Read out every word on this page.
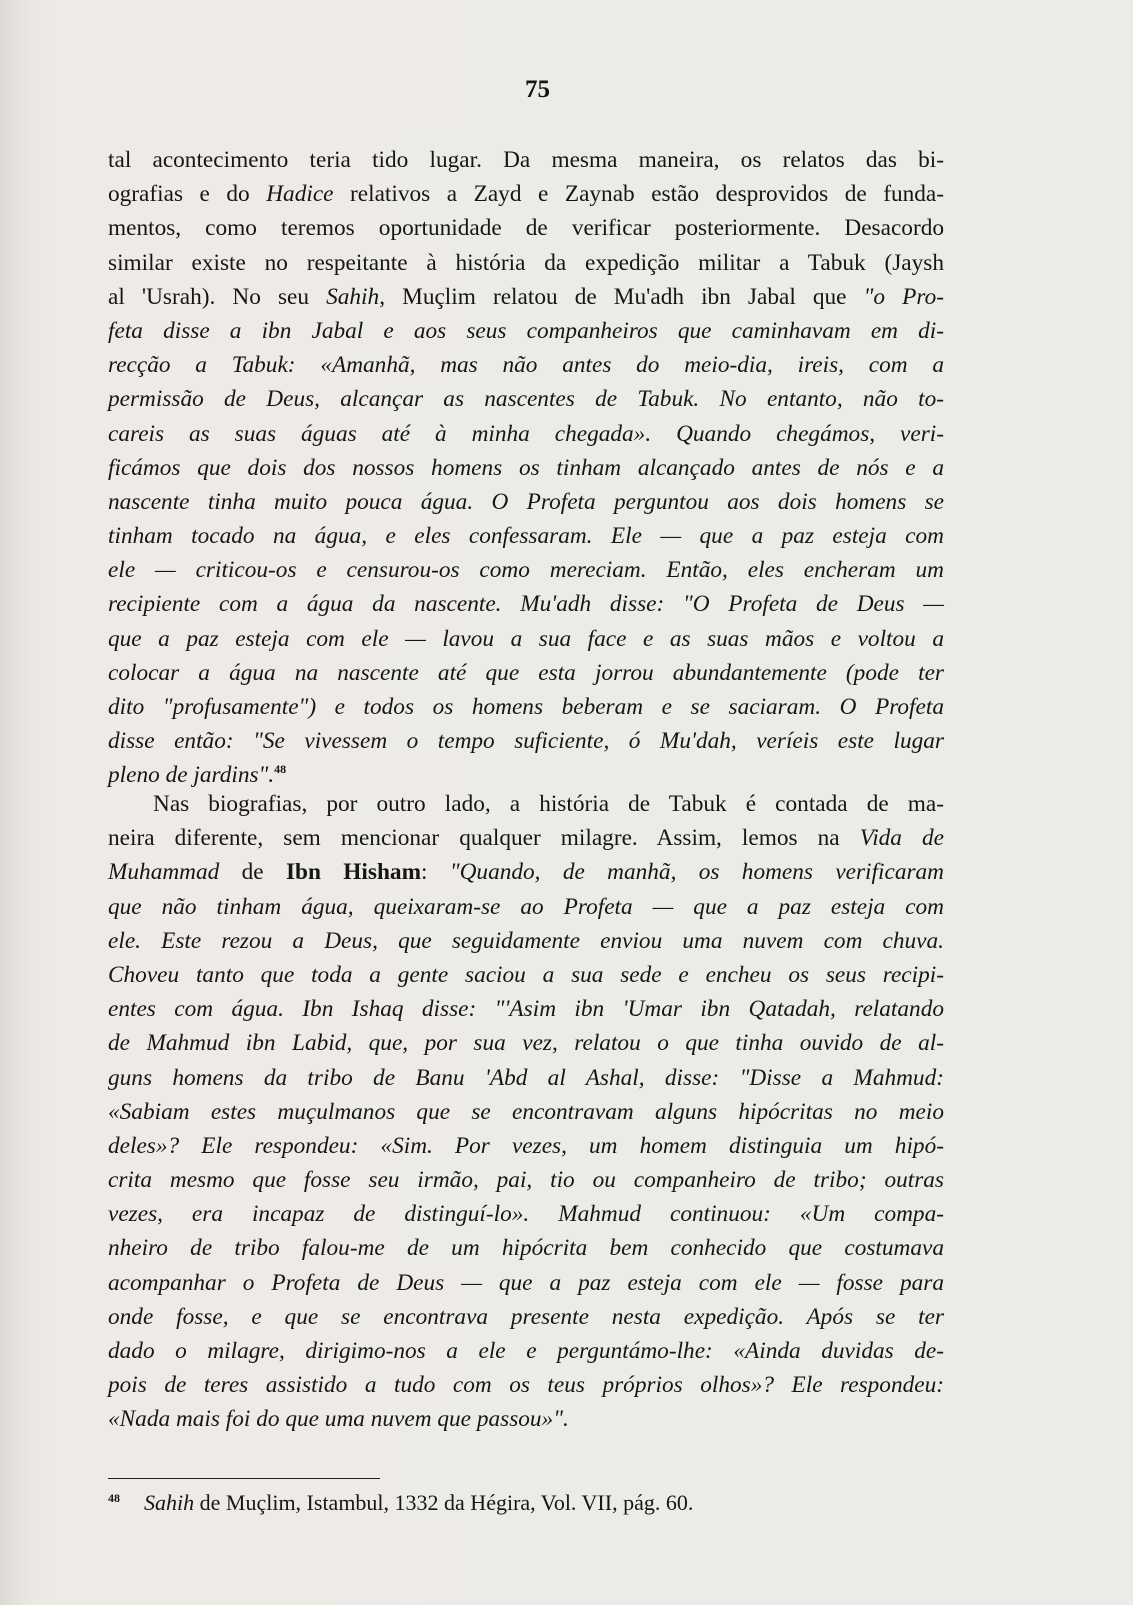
75
tal acontecimento teria tido lugar. Da mesma maneira, os relatos das bi-
ografias e do Hadice relativos a Zayd e Zaynab estão desprovidos de funda-
mentos, como teremos oportunidade de verificar posteriormente. Desacordo
similar existe no respeitante à história da expedição militar a Tabuk (Jaysh
al 'Usrah). No seu Sahih, Muçlim relatou de Mu'adh ibn Jabal que "o Pro-
feta disse a ibn Jabal e aos seus companheiros que caminhavam em di-
recção a Tabuk: «Amanhã, mas não antes do meio-dia, ireis, com a
permissão de Deus, alcançar as nascentes de Tabuk. No entanto, não to-
careis as suas águas até à minha chegada». Quando chegámos, veri-
ficámos que dois dos nossos homens os tinham alcançado antes de nós e a
nascente tinha muito pouca água. O Profeta perguntou aos dois homens se
tinham tocado na água, e eles confessaram. Ele — que a paz esteja com
ele — criticou-os e censurou-os como mereciam. Então, eles encheram um
recipiente com a água da nascente. Mu'adh disse: "O Profeta de Deus —
que a paz esteja com ele — lavou a sua face e as suas mãos e voltou a
colocar a água na nascente até que esta jorrou abundantemente (pode ter
dito "profusamente") e todos os homens beberam e se saciaram. O Profeta
disse então: "Se vivessem o tempo suficiente, ó Mu'dah, veríeis este lugar
pleno de jardins".$^{48}$
Nas biografias, por outro lado, a história de Tabuk é contada de ma-
neira diferente, sem mencionar qualquer milagre. Assim, lemos na Vida de
Muhammad de Ibn Hisham: "Quando, de manhã, os homens verificaram
que não tinham água, queixaram-se ao Profeta — que a paz esteja com
ele. Este rezou a Deus, que seguidamente enviou uma nuvem com chuva.
Choveu tanto que toda a gente saciou a sua sede e encheu os seus recipi-
entes com água. Ibn Ishaq disse: "'Asim ibn 'Umar ibn Qatadah, relatando
de Mahmud ibn Labid, que, por sua vez, relatou o que tinha ouvido de al-
guns homens da tribo de Banu 'Abd al Ashal, disse: "Disse a Mahmud:
«Sabiam estes muçulmanos que se encontravam alguns hipócritas no meio
deles»? Ele respondeu: «Sim. Por vezes, um homem distinguia um hipó-
crita mesmo que fosse seu irmão, pai, tio ou companheiro de tribo; outras
vezes, era incapaz de distinguí-lo». Mahmud continuou: «Um compa-
nheiro de tribo falou-me de um hipócrita bem conhecido que costumava
acompanhar o Profeta de Deus — que a paz esteja com ele — fosse para
onde fosse, e que se encontrava presente nesta expedição. Após se ter
dado o milagre, dirigimo-nos a ele e perguntámo-lhe: «Ainda duvidas de-
pois de teres assistido a tudo com os teus próprios olhos»? Ele respondeu:
«Nada mais foi do que uma nuvem que passou»".
$^{48}$ Sahih de Muçlim, Istambul, 1332 da Hégira, Vol. VII, pág. 60.
